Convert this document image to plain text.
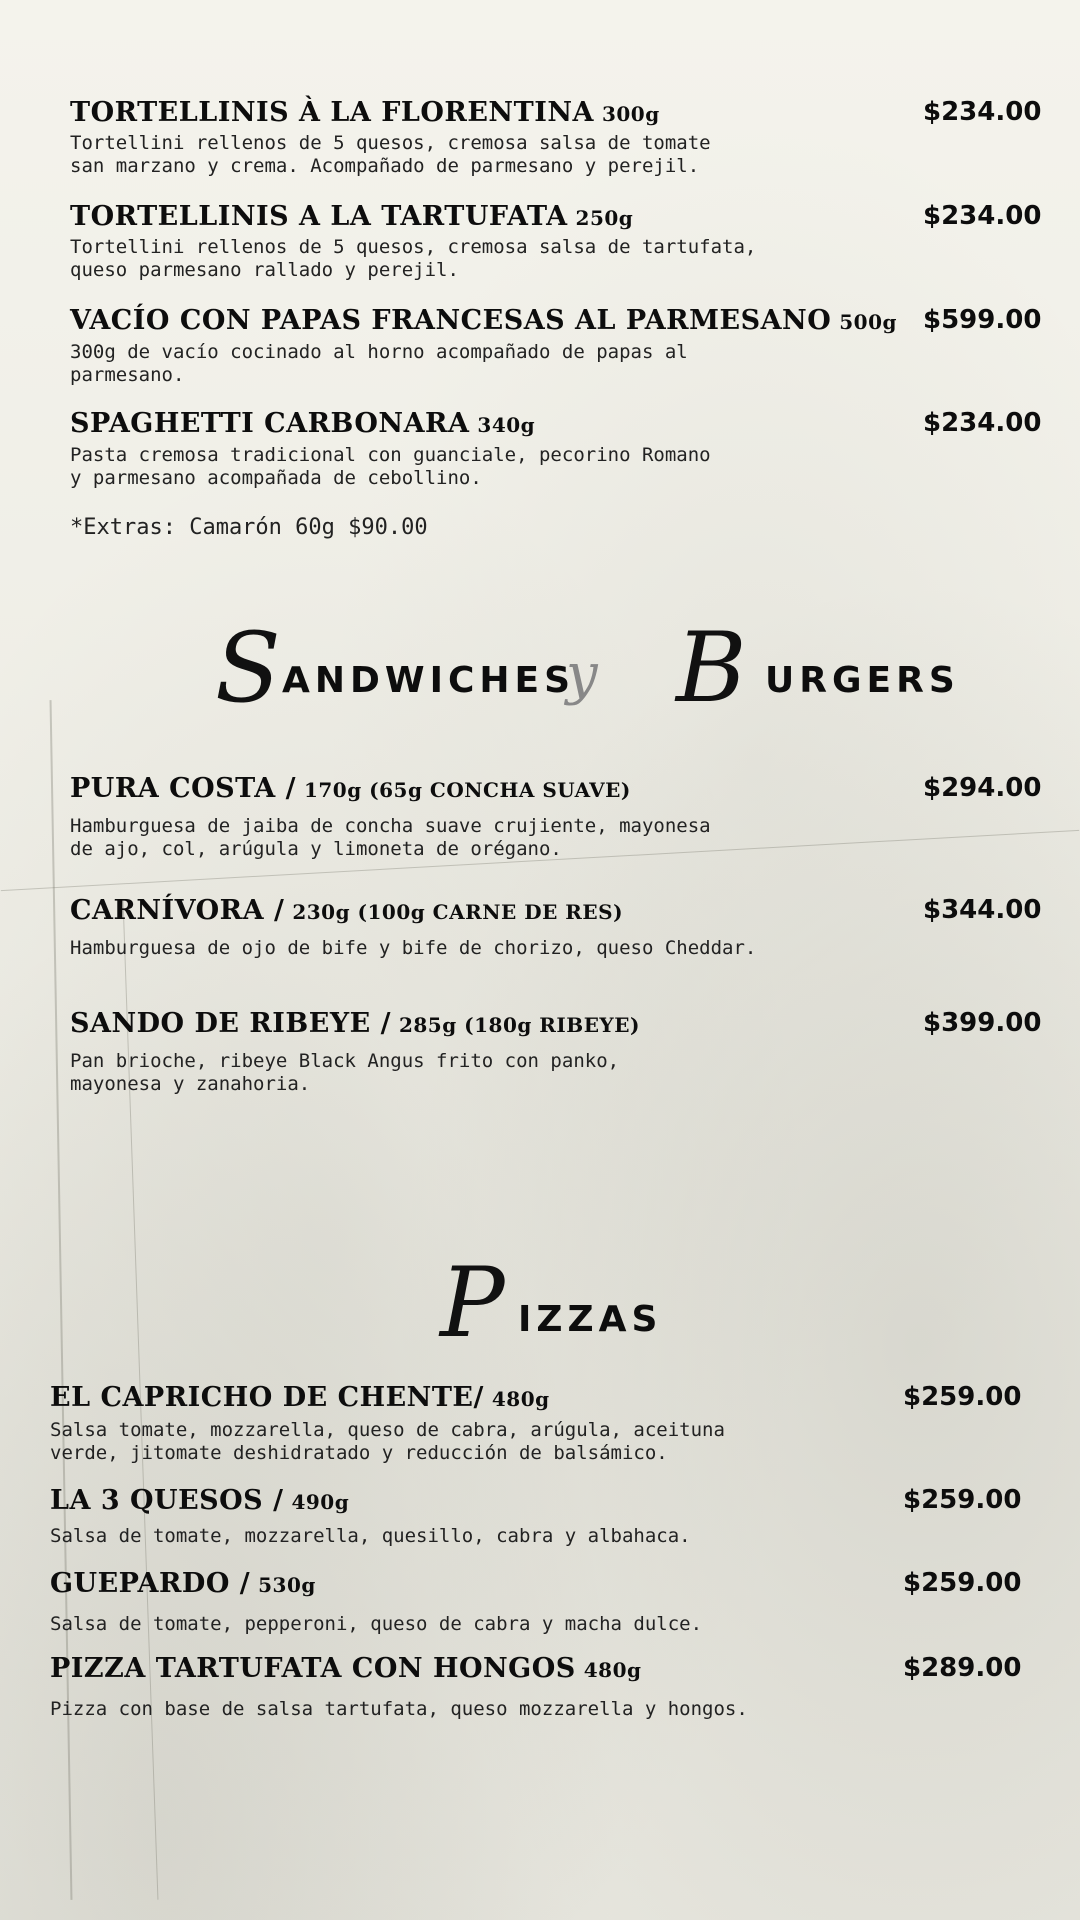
TORTELLINIS À LA FLORENTINA 300g	$234.00
Tortellini rellenos de 5 quesos, cremosa salsa de tomate
san marzano y crema. Acompañado de parmesano y perejil.
TORTELLINIS A LA TARTUFATA 250g	$234.00
Tortellini rellenos de 5 quesos, cremosa salsa de tartufata,
queso parmesano rallado y perejil.
VACÍO CON PAPAS FRANCESAS AL PARMESANO 500g $599.00
300g de vacío cocinado al horno acompañado de papas al
parmesano.
SPAGHETTI CARBONARA 340g	$234.00
Pasta cremosa tradicional con guanciale, pecorino Romano
y parmesano acompañada de cebollino.
*Extras: Camarón 60g $90.00
S ANDWICHES
y B URGERS
PURA COSTA / 170g (65g CONCHA SUAVE)	$294.00
Hamburguesa de jaiba de concha suave crujiente, mayonesa
de ajo, col, arúgula y limoneta de orégano.
CARNÍVORA / 230g (100g CARNE DE RES)	$344.00
Hamburguesa de ojo de bife y bife de chorizo, queso Cheddar.
SANDO DE RIBEYE / 285g (180g RIBEYE)	$399.00
Pan brioche, ribeye Black Angus frito con panko,
mayonesa y zanahoria.
P IZZAS
EL CAPRICHO DE CHENTE/ 480g	$259.00
Salsa tomate, mozzarella, queso de cabra, arúgula, aceituna
verde, jitomate deshidratado y reducción de balsámico.
LA 3 QUESOS / 490g	$259.00
Salsa de tomate, mozzarella, quesillo, cabra y albahaca.
GUEPARDO / 530g	$259.00
Salsa de tomate, pepperoni, queso de cabra y macha dulce.
PIZZA TARTUFATA CON HONGOS 480g	$289.00
Pizza con base de salsa tartufata, queso mozzarella y hongos.
